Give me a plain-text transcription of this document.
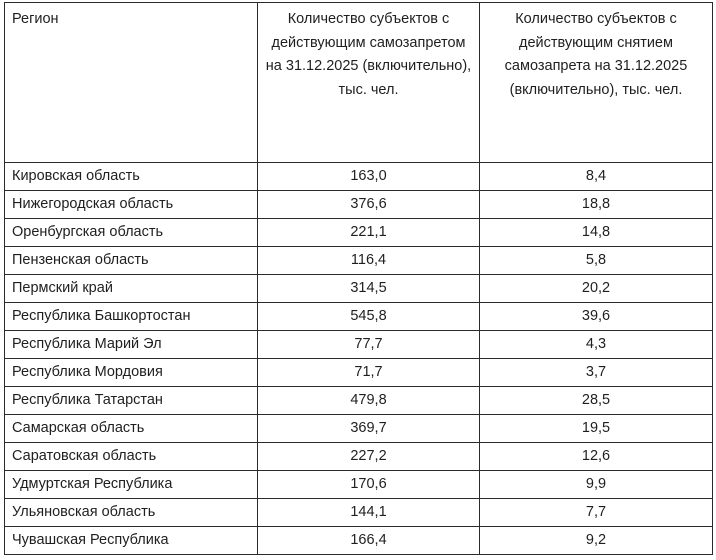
Регион	Количество субъектов с действующим самозапретом на 31.12.2025 (включительно), тыс. чел.	Количество субъектов с действующим снятием самозапрета на 31.12.2025 (включительно), тыс. чел.
Кировская область	163,0	8,4
Нижегородская область	376,6	18,8
Оренбургская область	221,1	14,8
Пензенская область	116,4	5,8
Пермский край	314,5	20,2
Республика Башкортостан	545,8	39,6
Республика Марий Эл	77,7	4,3
Республика Мордовия	71,7	3,7
Республика Татарстан	479,8	28,5
Самарская область	369,7	19,5
Саратовская область	227,2	12,6
Удмуртская Республика	170,6	9,9
Ульяновская область	144,1	7,7
Чувашская Республика	166,4	9,2
